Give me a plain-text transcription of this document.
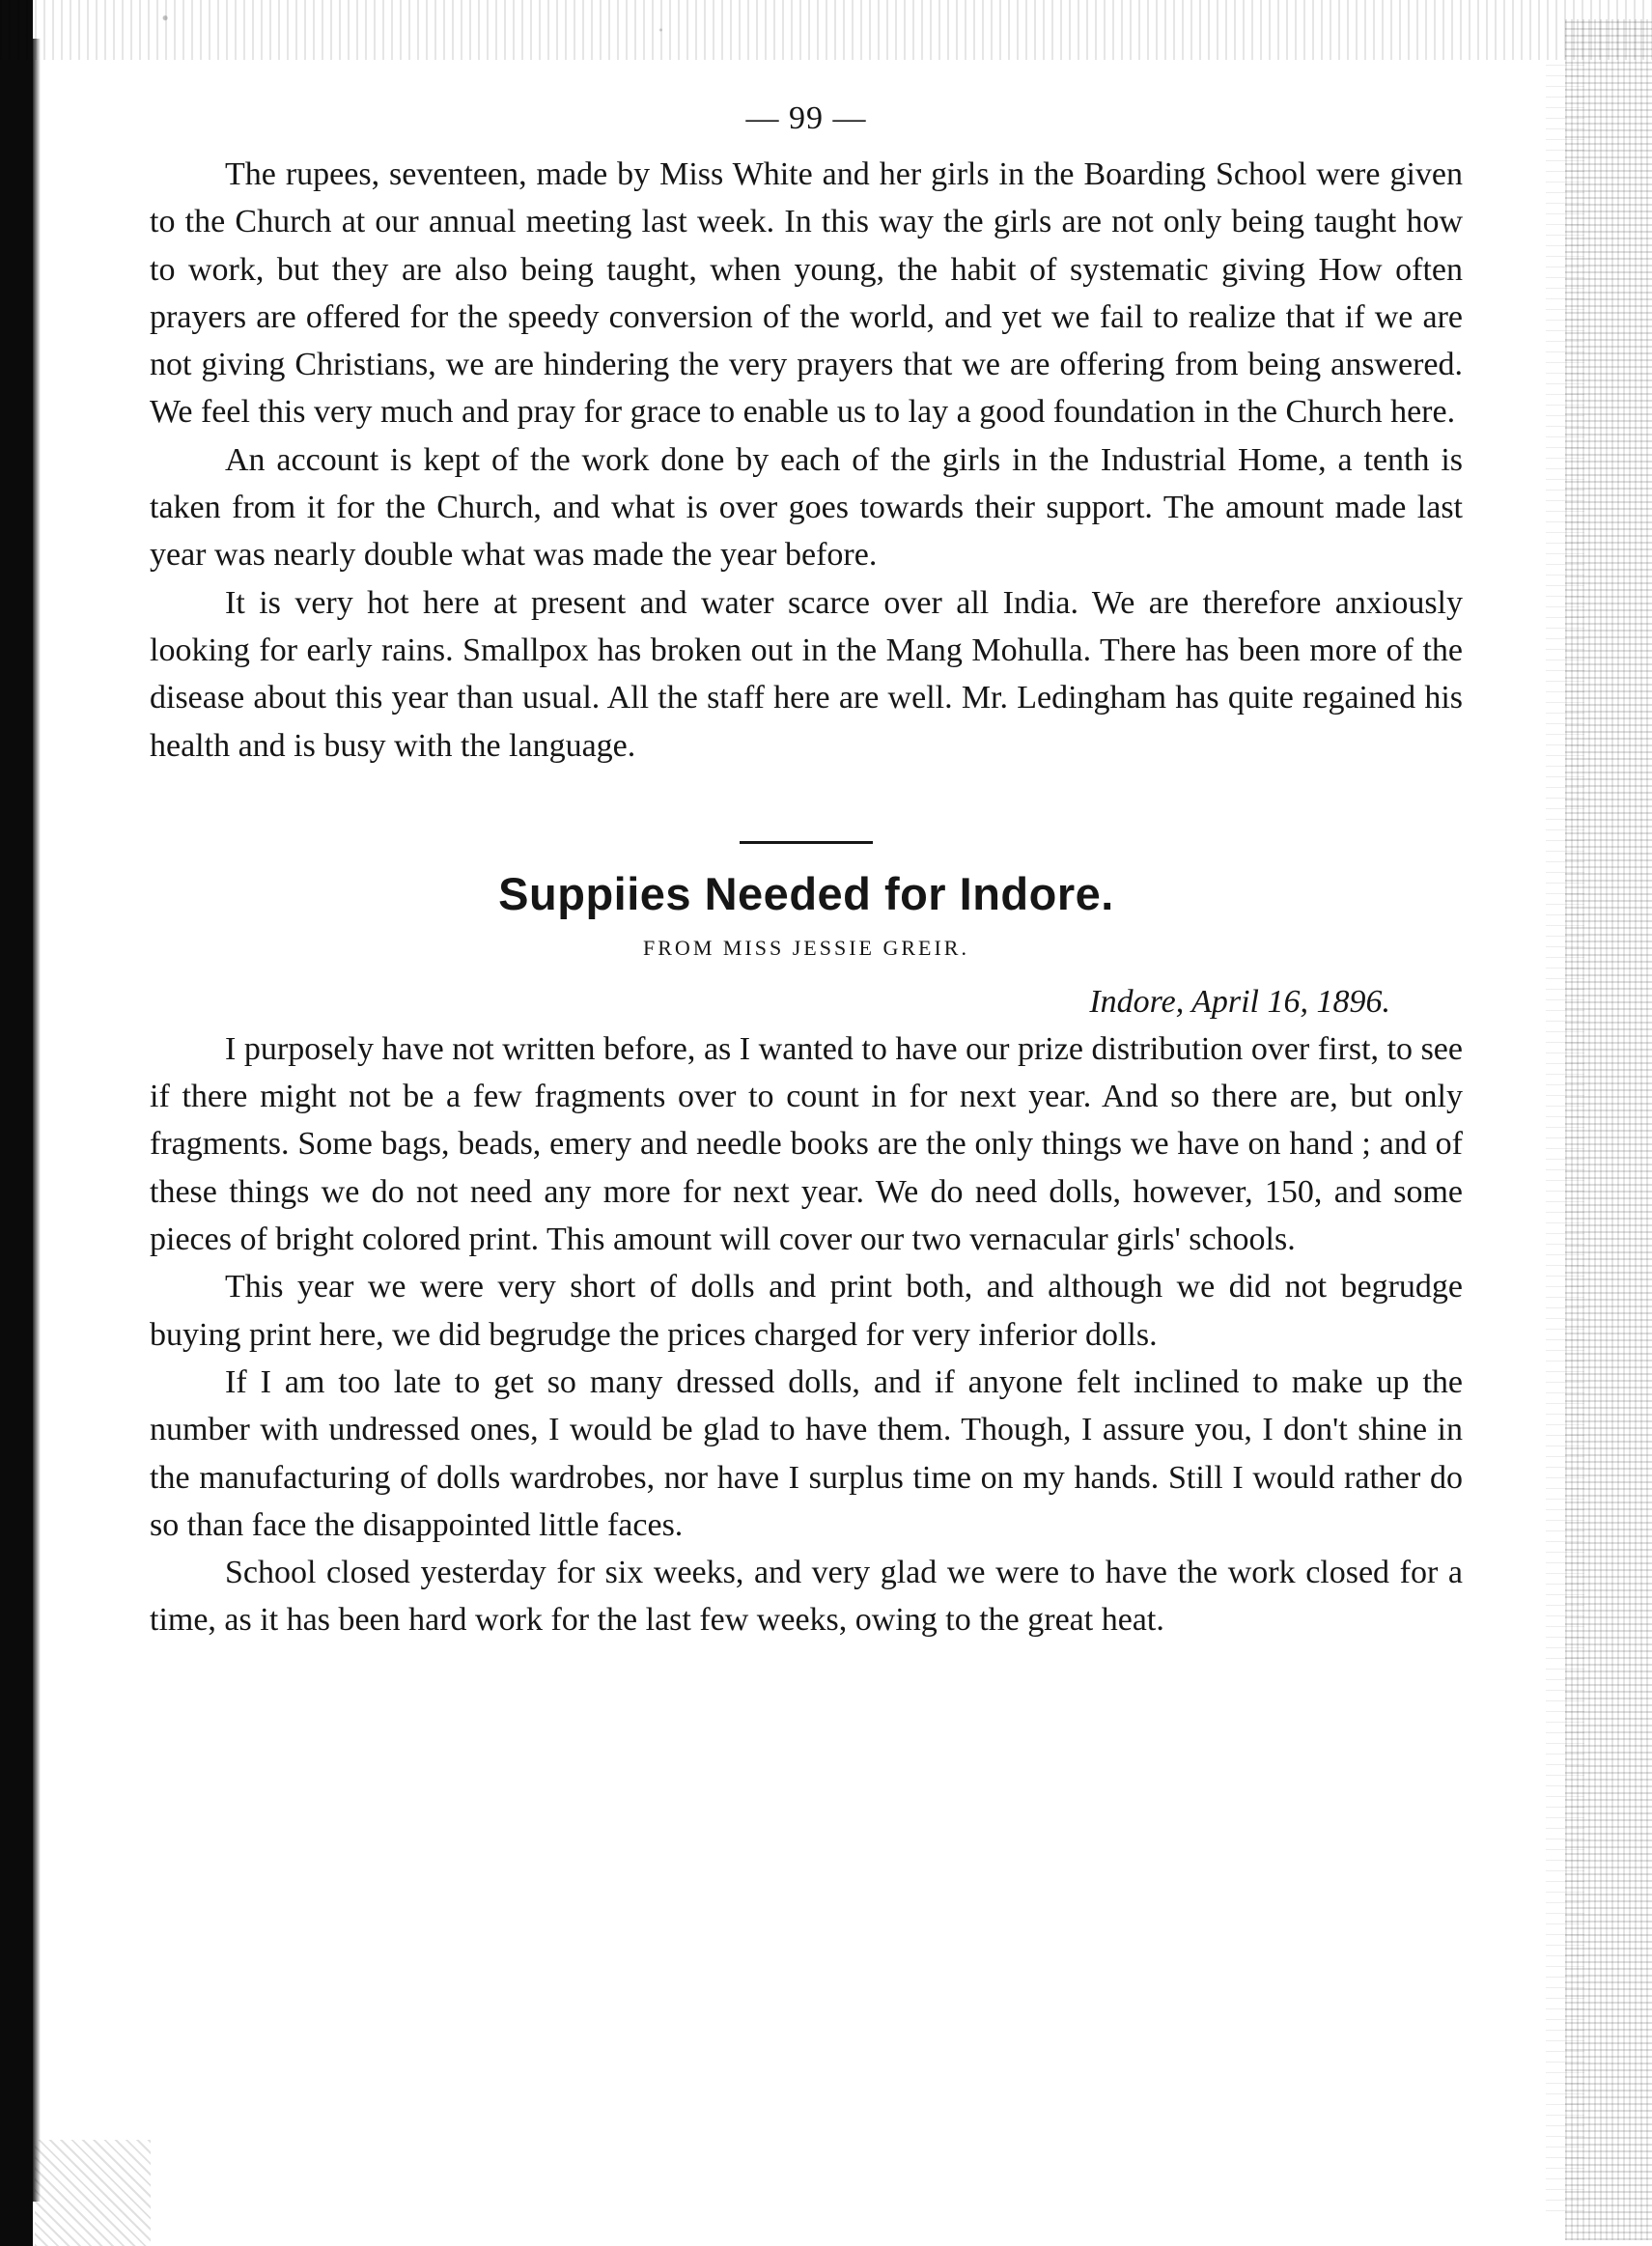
— 99 —

The rupees, seventeen, made by Miss White and her girls in the Boarding School were given to the Church at our annual meeting last week. In this way the girls are not only being taught how to work, but they are also being taught, when young, the habit of systematic giving How often prayers are offered for the speedy conversion of the world, and yet we fail to realize that if we are not giving Christians, we are hindering the very prayers that we are offering from being answered. We feel this very much and pray for grace to enable us to lay a good foundation in the Church here.

An account is kept of the work done by each of the girls in the Industrial Home, a tenth is taken from it for the Church, and what is over goes towards their support. The amount made last year was nearly double what was made the year before.

It is very hot here at present and water scarce over all India. We are therefore anxiously looking for early rains. Smallpox has broken out in the Mang Mohulla. There has been more of the disease about this year than usual. All the staff here are well. Mr. Ledingham has quite regained his health and is busy with the language.

Suppiies Needed for Indore.
FROM MISS JESSIE GREIR.
Indore, April 16, 1896.

I purposely have not written before, as I wanted to have our prize distribution over first, to see if there might not be a few fragments over to count in for next year. And so there are, but only fragments. Some bags, beads, emery and needle books are the only things we have on hand ; and of these things we do not need any more for next year. We do need dolls, however, 150, and some pieces of bright colored print. This amount will cover our two vernacular girls' schools.

This year we were very short of dolls and print both, and although we did not begrudge buying print here, we did begrudge the prices charged for very inferior dolls.

If I am too late to get so many dressed dolls, and if anyone felt inclined to make up the number with undressed ones, I would be glad to have them. Though, I assure you, I don't shine in the manufacturing of dolls wardrobes, nor have I surplus time on my hands. Still I would rather do so than face the disappointed little faces.

School closed yesterday for six weeks, and very glad we were to have the work closed for a time, as it has been hard work for the last few weeks, owing to the great heat.
